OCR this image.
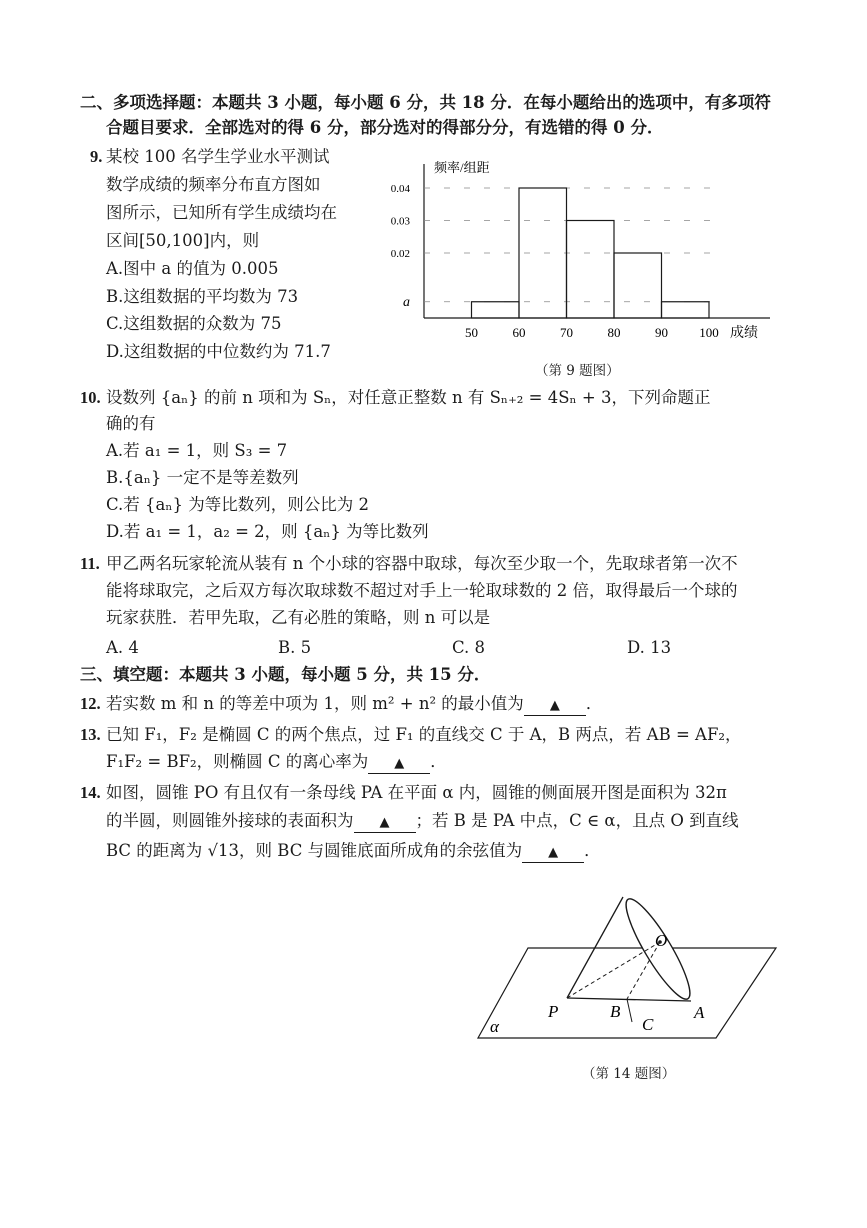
二、多项选择题：本题共 3 小题，每小题 6 分，共 18 分．在每小题给出的选项中，有多项符
合题目要求．全部选对的得 6 分，部分选对的得部分分，有选错的得 0 分．
9. 某校 100 名学生学业水平测试
数学成绩的频率分布直方图如
图所示，已知所有学生成绩均在
区间[50,100]内，则
A.图中 a 的值为 0.005
B.这组数据的平均数为 73
C.这组数据的众数为 75
D.这组数据的中位数约为 71.7
50	60	70	80	90 100
a
0.02
0.03
0.04
频率/组距
成绩
（第 9 题图）
10. 设数列 {aₙ} 的前 n 项和为 Sₙ，对任意正整数 n 有 Sₙ₊₂ = 4Sₙ + 3，下列命题正
确的有
A.若 a₁ = 1，则 S₃ = 7
B.{aₙ} 一定不是等差数列
C.若 {aₙ} 为等比数列，则公比为 2
D.若 a₁ = 1，a₂ = 2，则 {aₙ} 为等比数列
11. 甲乙两名玩家轮流从装有 n 个小球的容器中取球，每次至少取一个，先取球者第一次不
能将球取完，之后双方每次取球数不超过对手上一轮取球数的 2 倍，取得最后一个球的
玩家获胜．若甲先取，乙有必胜的策略，则 n 可以是
A. 4	B. 5	C. 8	D. 13
三、填空题：本题共 3 小题，每小题 5 分，共 15 分．
12. 若实数 m 和 n 的等差中项为 1，则 m² + n² 的最小值为 ▲ ．
13. 已知 F₁，F₂ 是椭圆 C 的两个焦点，过 F₁ 的直线交 C 于 A，B 两点，若 AB = AF₂，
F₁F₂ = BF₂，则椭圆 C 的离心率为 ▲ ．
14. 如图，圆锥 PO 有且仅有一条母线 PA 在平面 α 内，圆锥的侧面展开图是面积为 32π
的半圆，则圆锥外接球的表面积为 ▲ ；若 B 是 PA 中点，C ∈ α，且点 O 到直线
BC 的距离为 √13，则 BC 与圆锥底面所成角的余弦值为 ▲ ．
O
P	B
C
A
α
（第 14 题图）
